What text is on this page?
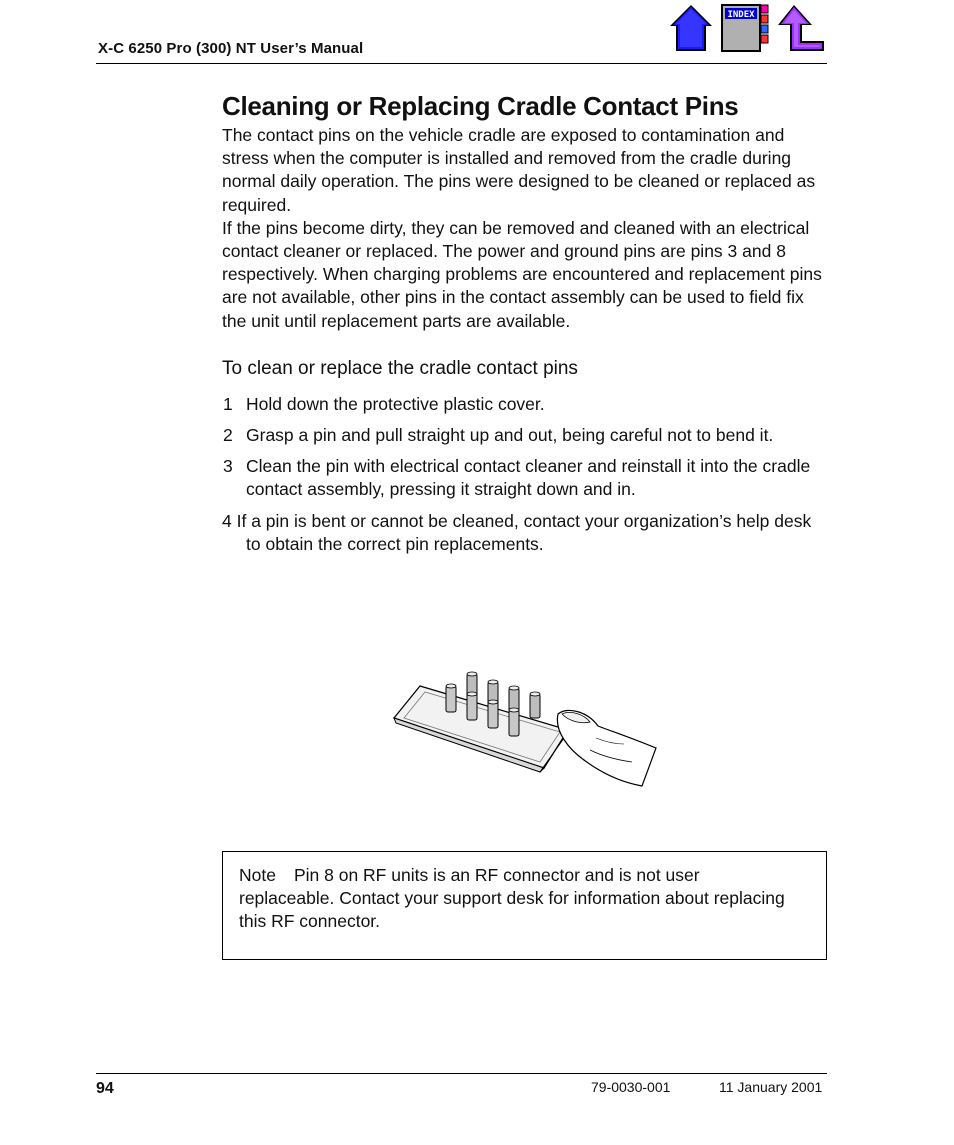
X-C 6250 Pro (300) NT User’s Manual
INDEX
Cleaning or Replacing Cradle Contact Pins

The contact pins on the vehicle cradle are exposed to contamination and stress when the computer is installed and removed from the cradle during normal daily operation. The pins were designed to be cleaned or replaced as required.

If the pins become dirty, they can be removed and cleaned with an electrical contact cleaner or replaced. The power and ground pins are pins 3 and 8 respectively. When charging problems are encountered and replacement pins are not available, other pins in the contact assembly can be used to field fix the unit until replacement parts are available.

To clean or replace the cradle contact pins
1 Hold down the protective plastic cover.
2 Grasp a pin and pull straight up and out, being careful not to bend it.
3 Clean the pin with electrical contact cleaner and reinstall it into the cradle contact assembly, pressing it straight down and in.
4 If a pin is bent or cannot be cleaned, contact your organization’s help desk to obtain the correct pin replacements.
Note Pin 8 on RF units is an RF connector and is not user replaceable. Contact your support desk for information about replacing this RF connector.
94	79-0030-001	11 January 2001
